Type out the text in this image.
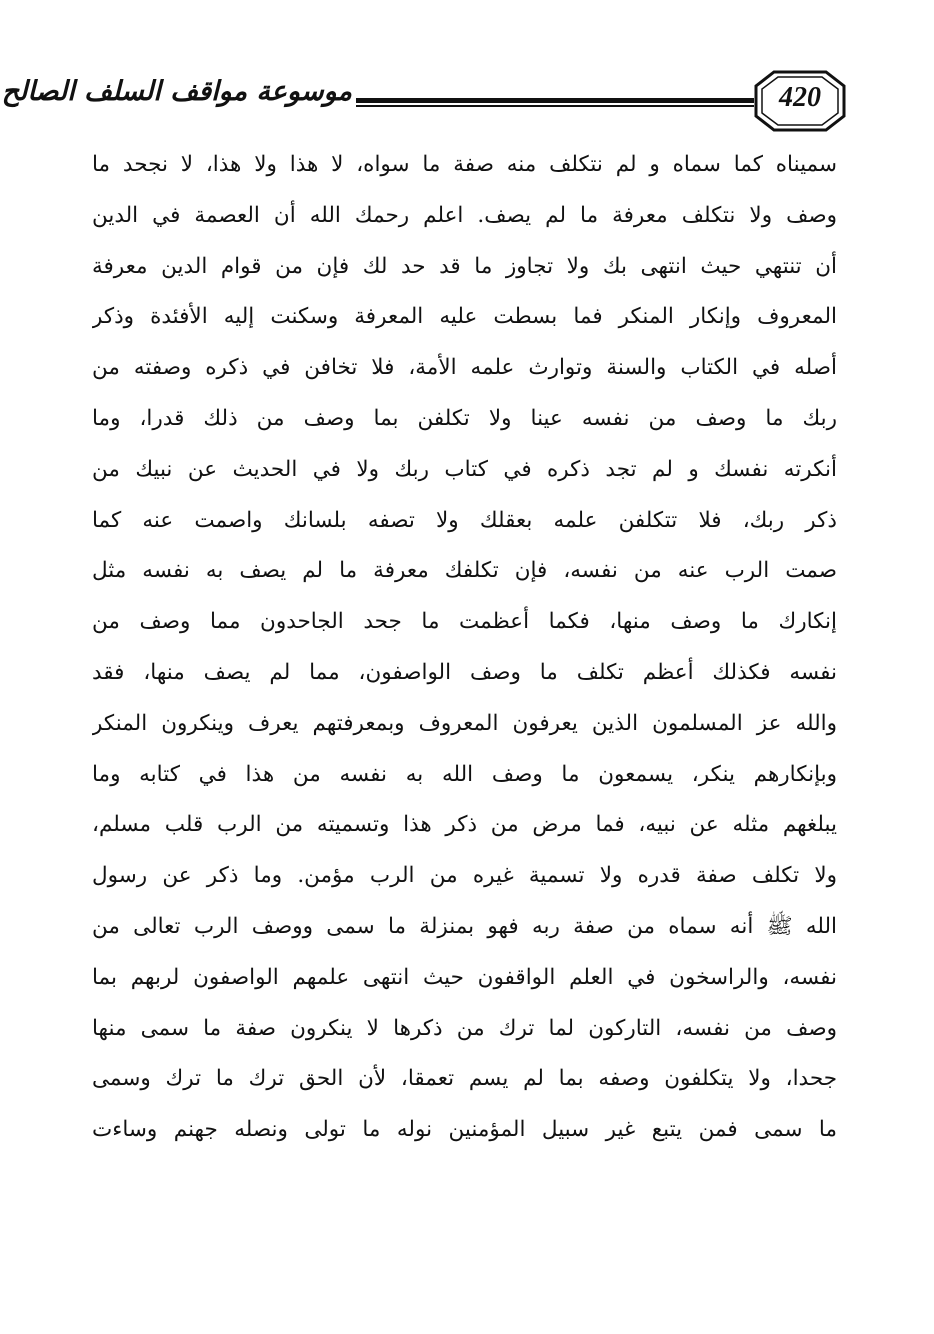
موسوعة مواقف السلف الصالح	420
سميناه كما سماه و لم نتكلف منه صفة ما سواه، لا هذا ولا هذا، لا نجحد ما
وصف ولا نتكلف معرفة ما لم يصف. اعلم رحمك الله أن العصمة في الدين
أن تنتهي حيث انتهى بك ولا تجاوز ما قد حد لك فإن من قوام الدين معرفة
المعروف وإنكار المنكر فما بسطت عليه المعرفة وسكنت إليه الأفئدة وذكر
أصله في الكتاب والسنة وتوارث علمه الأمة، فلا تخافن في ذكره وصفته من
ربك ما وصف من نفسه عينا ولا تكلفن بما وصف من ذلك قدرا، وما
أنكرته نفسك و لم تجد ذكره في كتاب ربك ولا في الحديث عن نبيك من
ذكر ربك، فلا تتكلفن علمه بعقلك ولا تصفه بلسانك واصمت عنه كما
صمت الرب عنه من نفسه، فإن تكلفك معرفة ما لم يصف به نفسه مثل
إنكارك ما وصف منها، فكما أعظمت ما جحد الجاحدون مما وصف من
نفسه فكذلك أعظم تكلف ما وصف الواصفون، مما لم يصف منها، فقد
والله عز المسلمون الذين يعرفون المعروف وبمعرفتهم يعرف وينكرون المنكر
وبإنكارهم ينكر، يسمعون ما وصف الله به نفسه من هذا في كتابه وما
يبلغهم مثله عن نبيه، فما مرض من ذكر هذا وتسميته من الرب قلب مسلم،
ولا تكلف صفة قدره ولا تسمية غيره من الرب مؤمن. وما ذكر عن رسول
الله ﷺ أنه سماه من صفة ربه فهو بمنزلة ما سمى ووصف الرب تعالى من
نفسه، والراسخون في العلم الواقفون حيث انتهى علمهم الواصفون لربهم بما
وصف من نفسه، التاركون لما ترك من ذكرها لا ينكرون صفة ما سمى منها
جحدا، ولا يتكلفون وصفه بما لم يسم تعمقا، لأن الحق ترك ما ترك وسمى
ما سمى فمن يتبع غير سبيل المؤمنين نوله ما تولى ونصله جهنم وساءت
